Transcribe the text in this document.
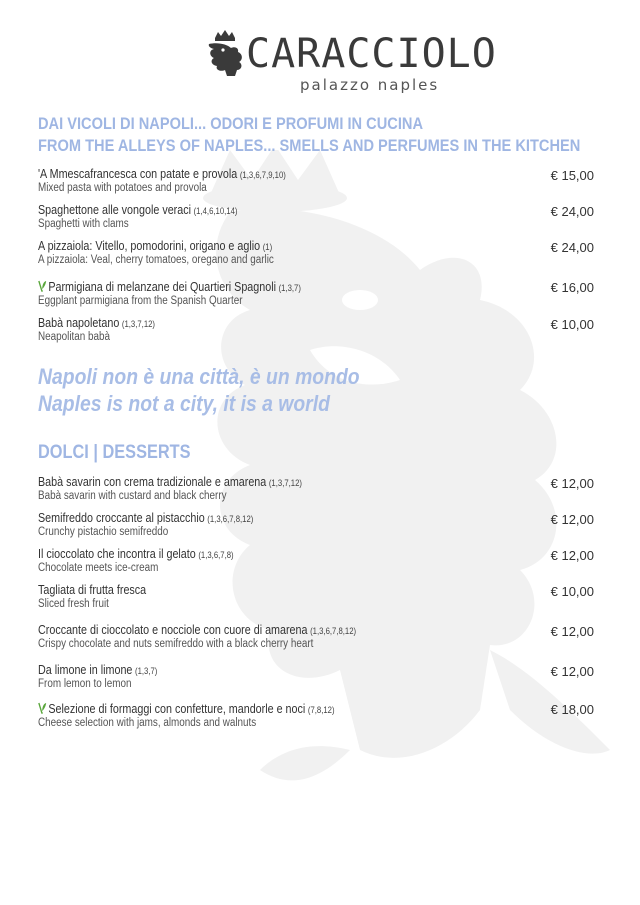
CARACCIOLO
palazzo naples
DAI VICOLI DI NAPOLI... ODORI E PROFUMI IN CUCINA
FROM THE ALLEYS OF NAPLES... SMELLS AND PERFUMES IN THE KITCHEN
'A Mmescafrancesca con patate e provola (1,3,6,7,9,10)
Mixed pasta with potatoes and provola
€ 15,00
Spaghettone alle vongole veraci (1,4,6,10,14)
Spaghetti with clams
€ 24,00
A pizzaiola: Vitello, pomodorini, origano e aglio (1)
A pizzaiola: Veal, cherry tomatoes, oregano and garlic
€ 24,00
Parmigiana di melanzane dei Quartieri Spagnoli (1,3,7)
Eggplant parmigiana from the Spanish Quarter
€ 16,00
Babà napoletano (1,3,7,12)
Neapolitan babà
€ 10,00

Napoli non è una città, è un mondo
Naples is not a city, it is a world

DOLCI | DESSERTS
Babà savarin con crema tradizionale e amarena (1,3,7,12)
Babà savarin with custard and black cherry
€ 12,00
Semifreddo croccante al pistacchio (1,3,6,7,8,12)
Crunchy pistachio semifreddo
€ 12,00
Il cioccolato che incontra il gelato (1,3,6,7,8)
Chocolate meets ice-cream
€ 12,00
Tagliata di frutta fresca
Sliced fresh fruit
€ 10,00
Croccante di cioccolato e nocciole con cuore di amarena (1,3,6,7,8,12)
Crispy chocolate and nuts semifreddo with a black cherry heart
€ 12,00
Da limone in limone (1,3,7)
From lemon to lemon
€ 12,00
Selezione di formaggi con confetture, mandorle e noci (7,8,12)
Cheese selection with jams, almonds and walnuts
€ 18,00
